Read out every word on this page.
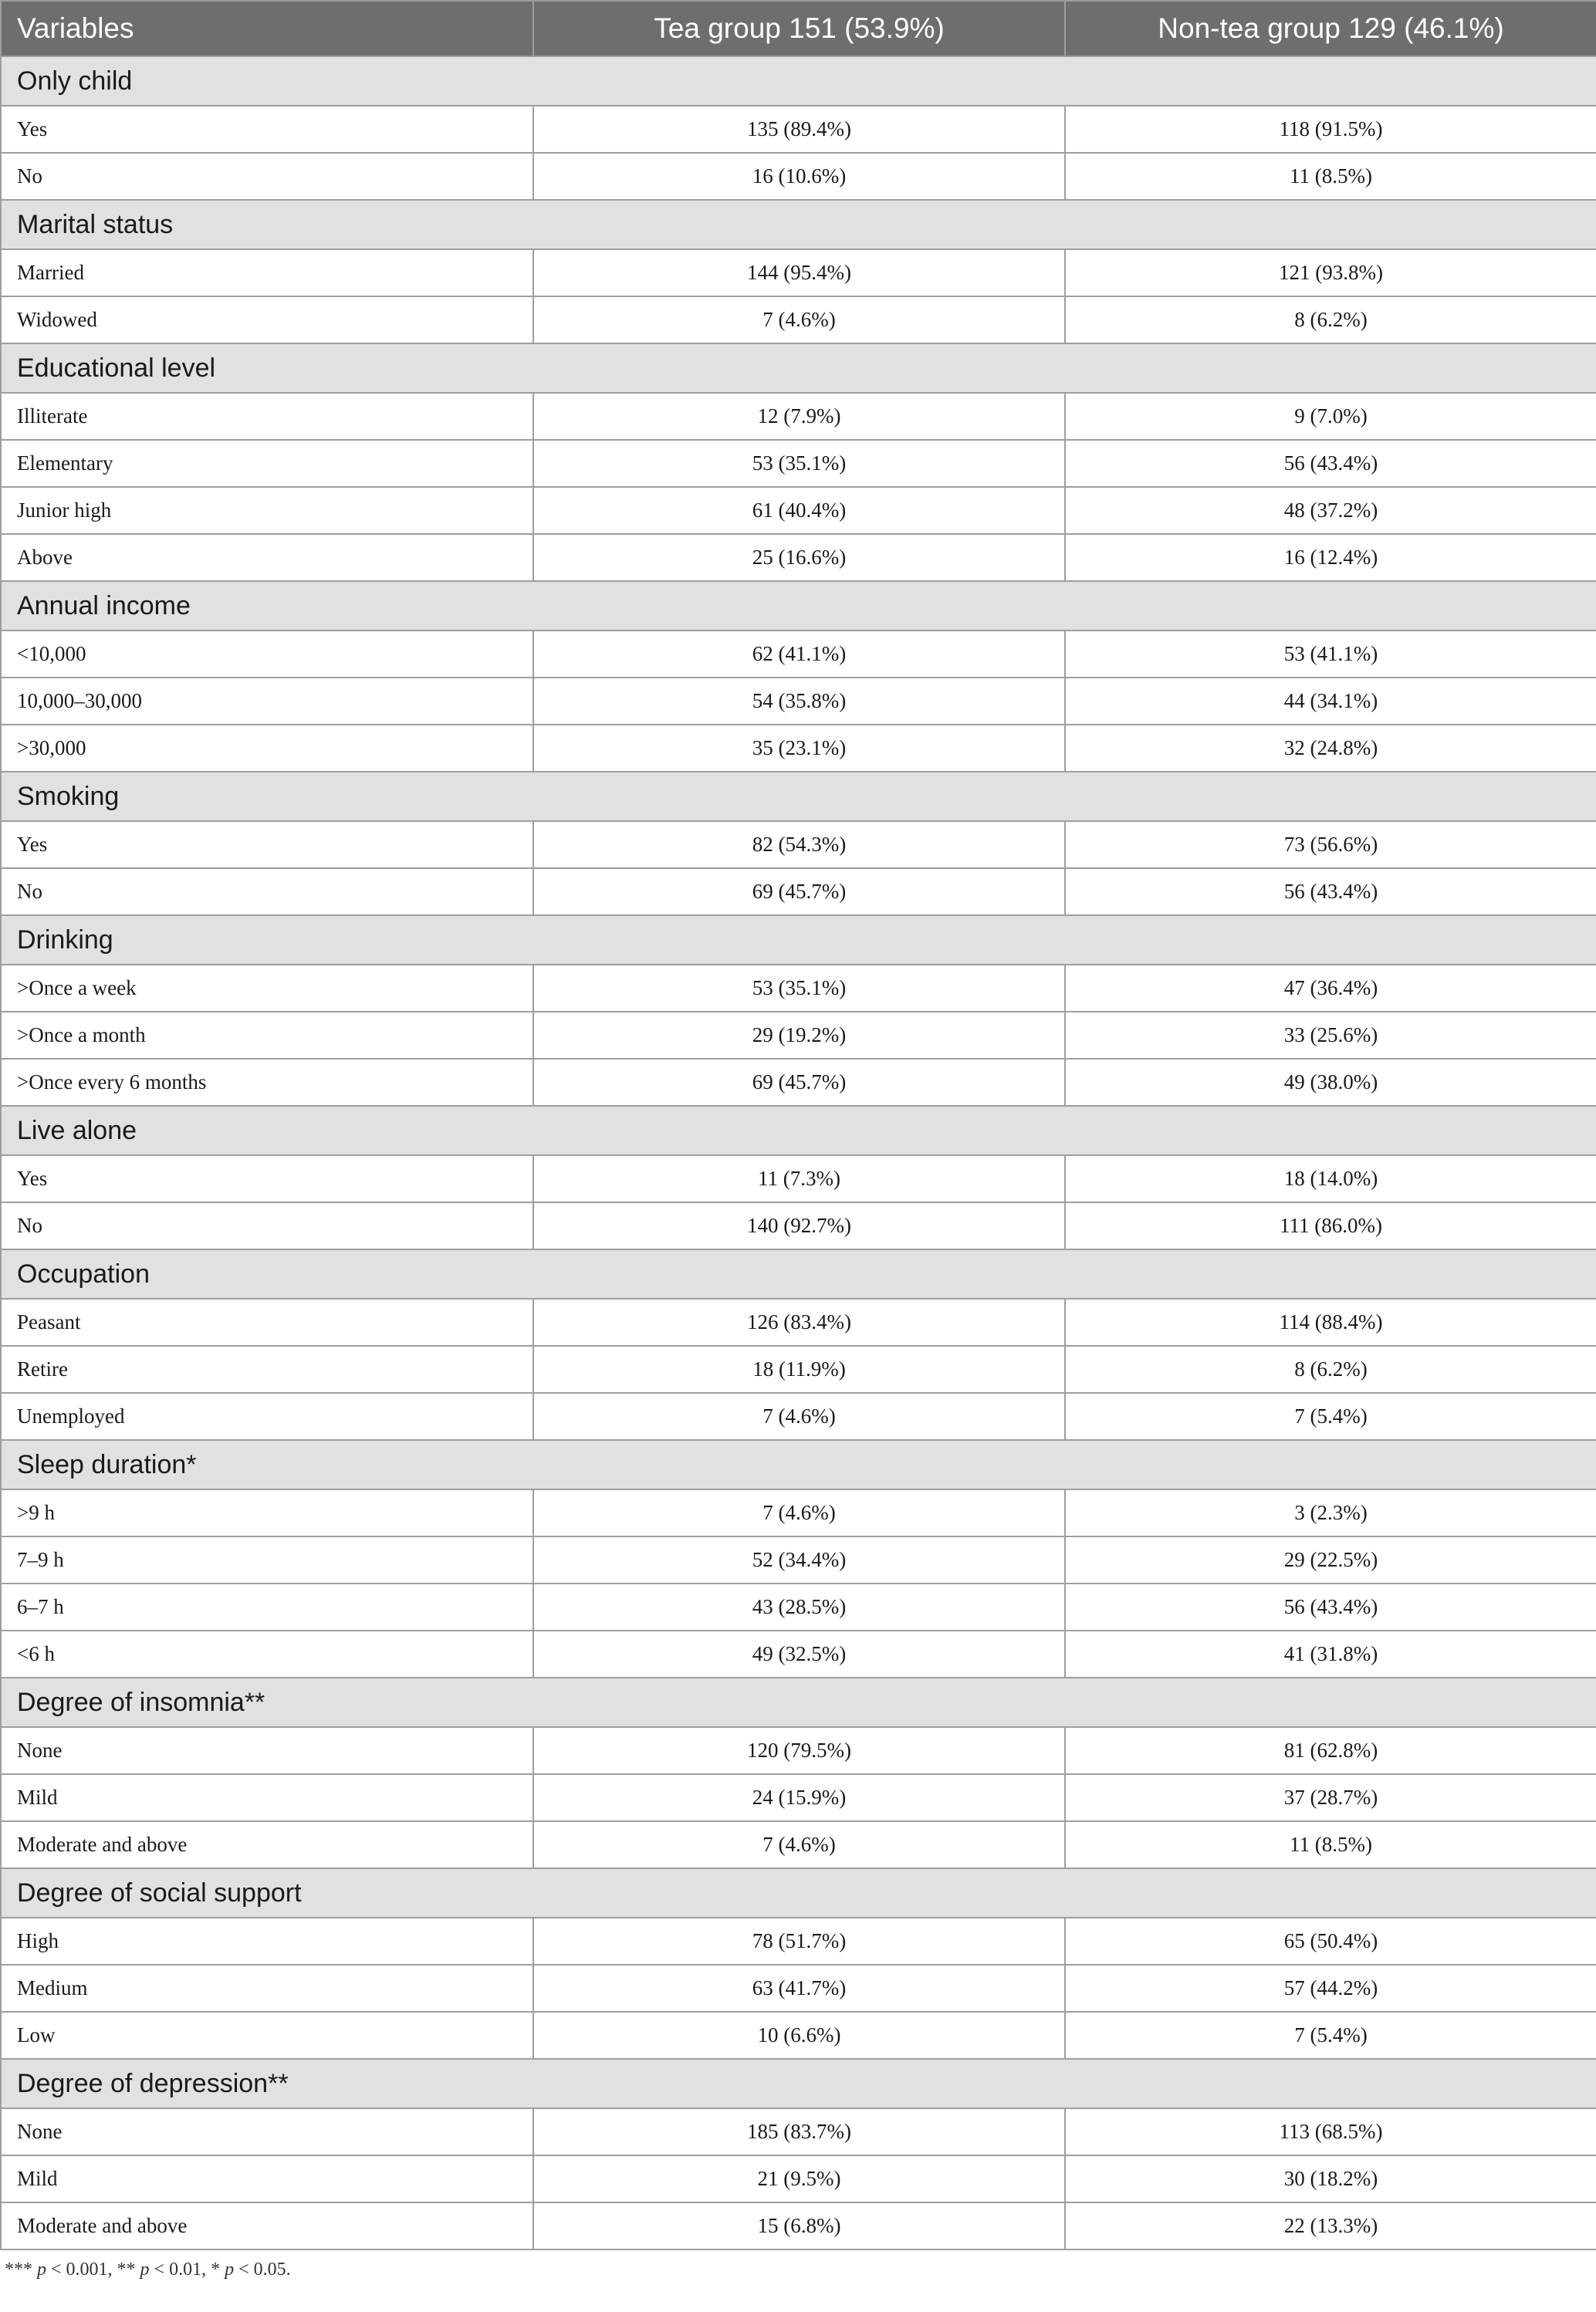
Variables	Tea group 151 (53.9%)	Non-tea group 129 (46.1%)
Only child		
Yes	135 (89.4%)	118 (91.5%)
No	16 (10.6%)	11 (8.5%)
Marital status		
Married	144 (95.4%)	121 (93.8%)
Widowed	7 (4.6%)	8 (6.2%)
Educational level		
Illiterate	12 (7.9%)	9 (7.0%)
Elementary	53 (35.1%)	56 (43.4%)
Junior high	61 (40.4%)	48 (37.2%)
Above	25 (16.6%)	16 (12.4%)
Annual income		
<10,000	62 (41.1%)	53 (41.1%)
10,000–30,000	54 (35.8%)	44 (34.1%)
>30,000	35 (23.1%)	32 (24.8%)
Smoking		
Yes	82 (54.3%)	73 (56.6%)
No	69 (45.7%)	56 (43.4%)
Drinking		
>Once a week	53 (35.1%)	47 (36.4%)
>Once a month	29 (19.2%)	33 (25.6%)
>Once every 6 months	69 (45.7%)	49 (38.0%)
Live alone		
Yes	11 (7.3%)	18 (14.0%)
No	140 (92.7%)	111 (86.0%)
Occupation		
Peasant	126 (83.4%)	114 (88.4%)
Retire	18 (11.9%)	8 (6.2%)
Unemployed	7 (4.6%)	7 (5.4%)
Sleep duration*		
>9 h	7 (4.6%)	3 (2.3%)
7–9 h	52 (34.4%)	29 (22.5%)
6–7 h	43 (28.5%)	56 (43.4%)
<6 h	49 (32.5%)	41 (31.8%)
Degree of insomnia**		
None	120 (79.5%)	81 (62.8%)
Mild	24 (15.9%)	37 (28.7%)
Moderate and above	7 (4.6%)	11 (8.5%)
Degree of social support		
High	78 (51.7%)	65 (50.4%)
Medium	63 (41.7%)	57 (44.2%)
Low	10 (6.6%)	7 (5.4%)
Degree of depression**		
None	185 (83.7%)	113 (68.5%)
Mild	21 (9.5%)	30 (18.2%)
Moderate and above	15 (6.8%)	22 (13.3%)
*** p < 0.001, ** p < 0.01, * p < 0.05.
